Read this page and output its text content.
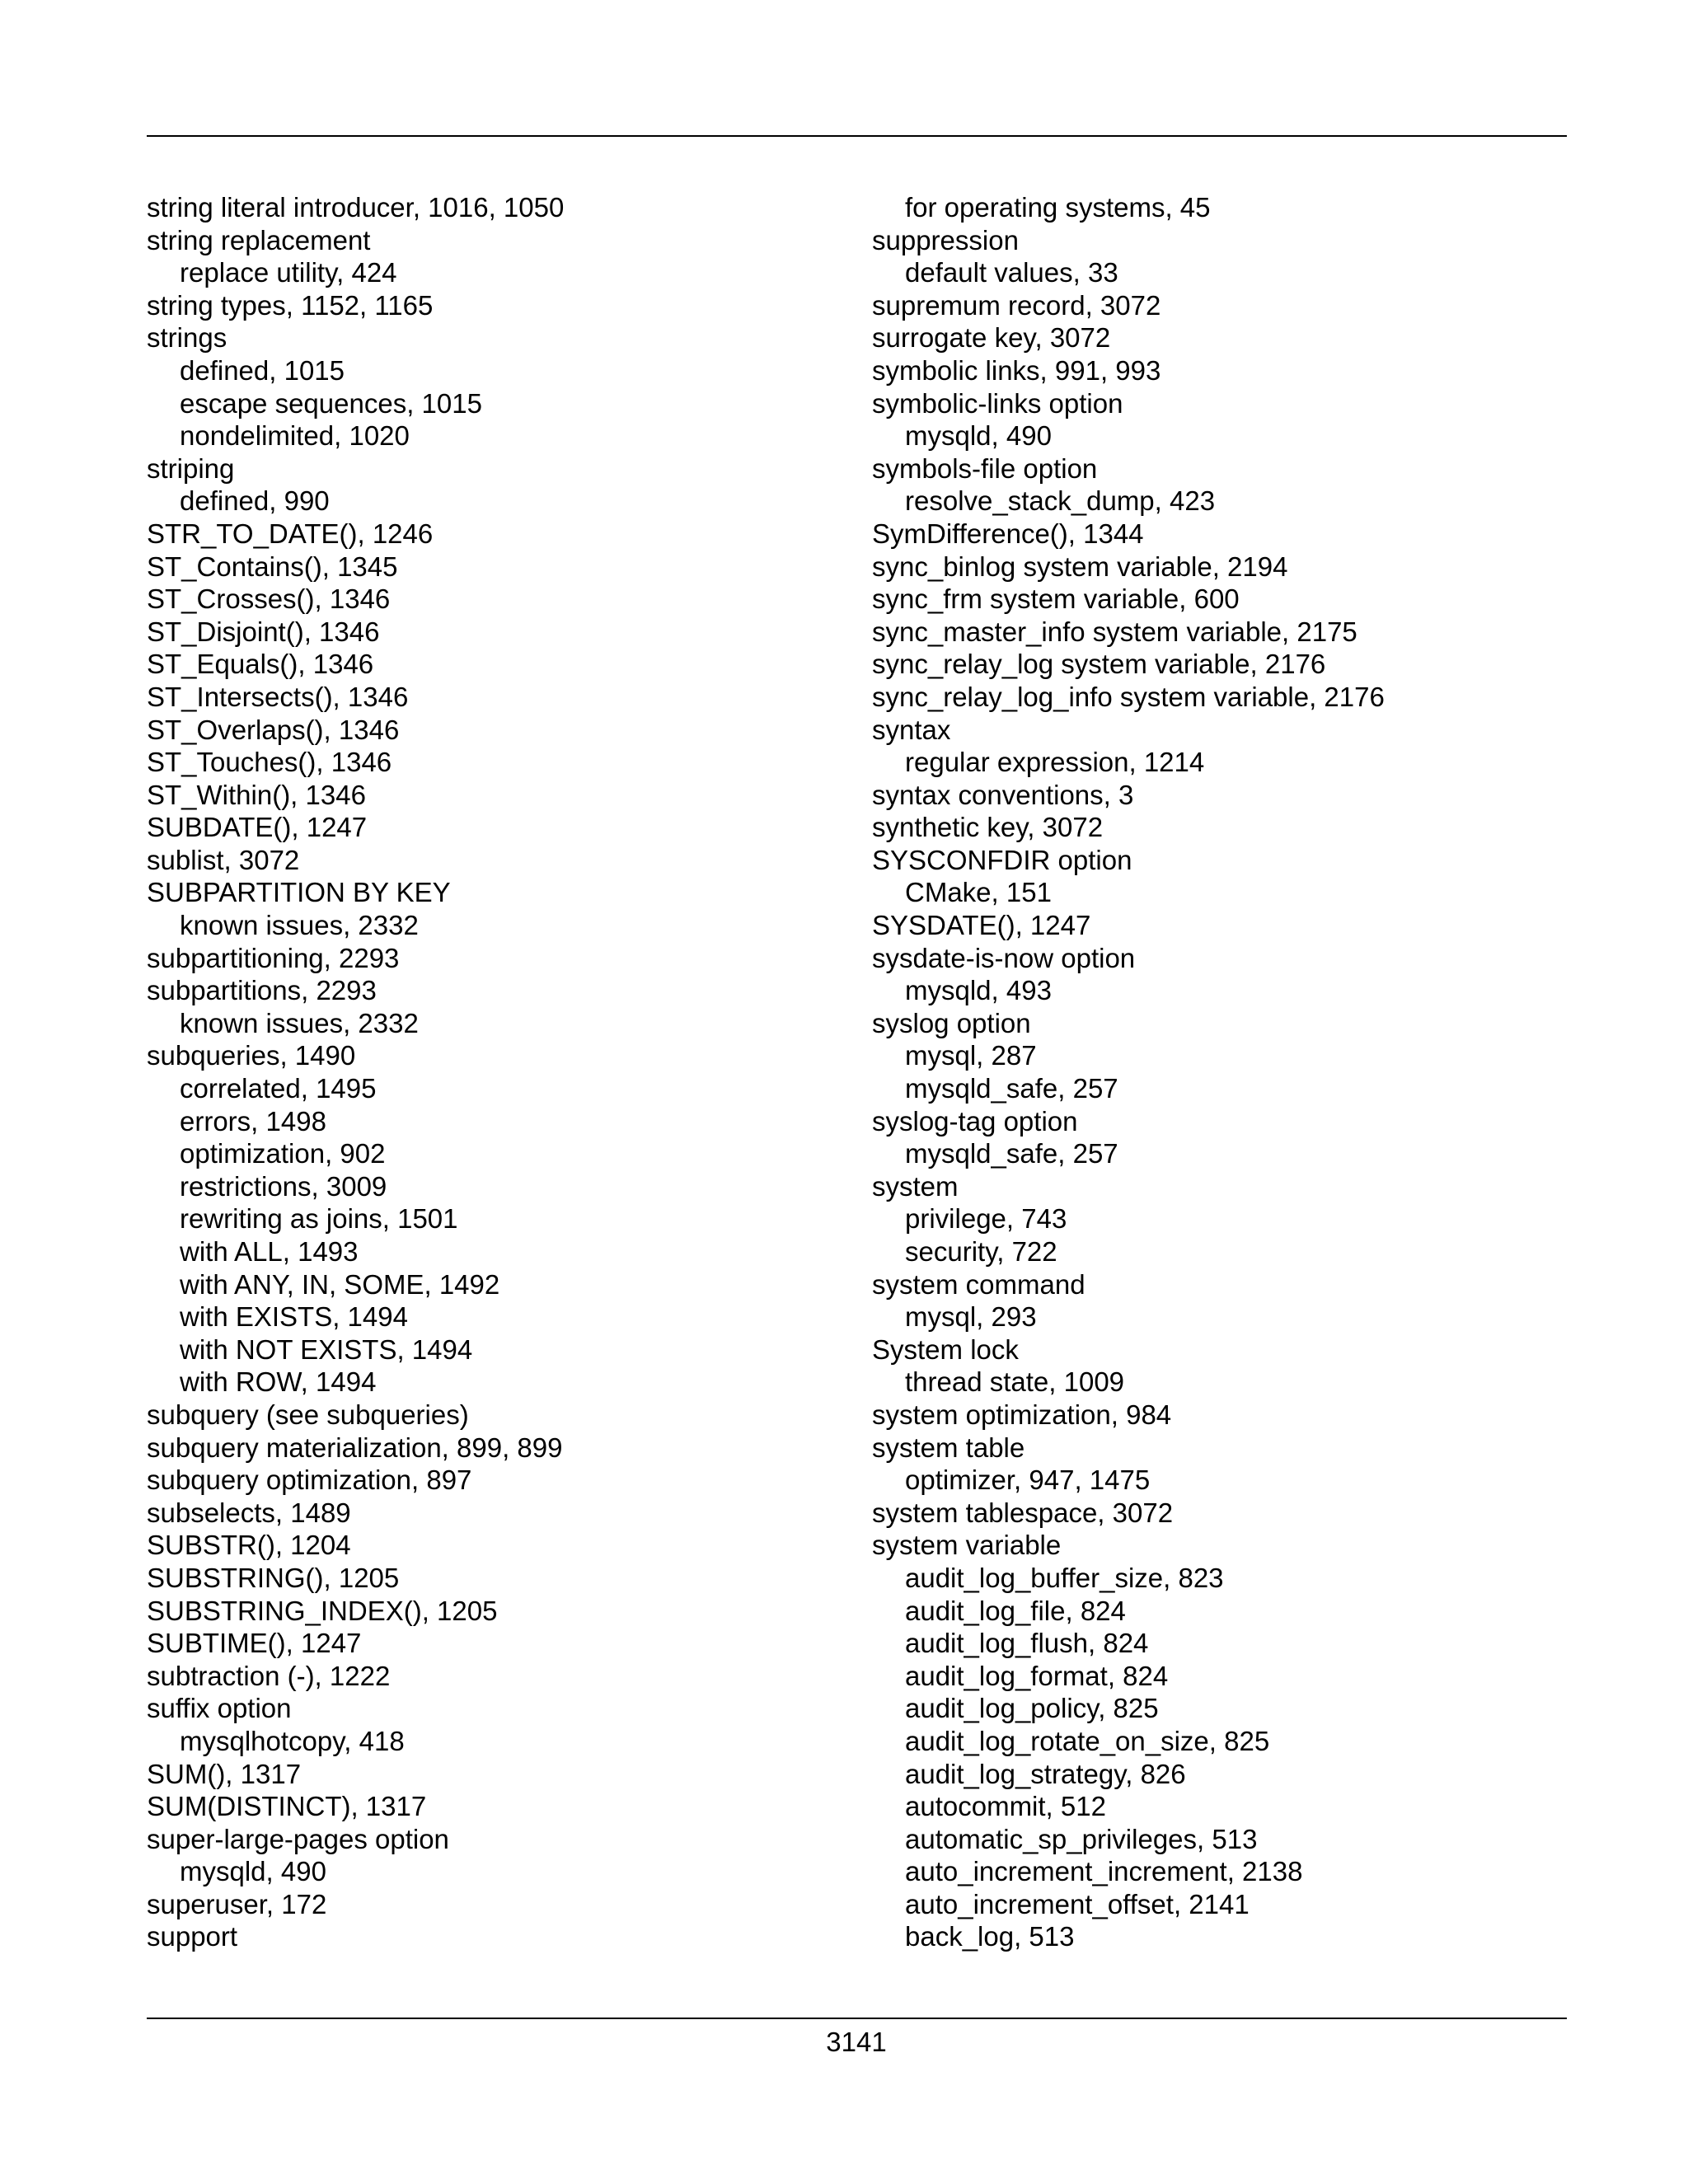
string literal introducer, 1016, 1050
string replacement
replace utility, 424
string types, 1152, 1165
strings
defined, 1015
escape sequences, 1015
nondelimited, 1020
striping
defined, 990
STR_TO_DATE(), 1246
ST_Contains(), 1345
ST_Crosses(), 1346
ST_Disjoint(), 1346
ST_Equals(), 1346
ST_Intersects(), 1346
ST_Overlaps(), 1346
ST_Touches(), 1346
ST_Within(), 1346
SUBDATE(), 1247
sublist, 3072
SUBPARTITION BY KEY
known issues, 2332
subpartitioning, 2293
subpartitions, 2293
known issues, 2332
subqueries, 1490
correlated, 1495
errors, 1498
optimization, 902
restrictions, 3009
rewriting as joins, 1501
with ALL, 1493
with ANY, IN, SOME, 1492
with EXISTS, 1494
with NOT EXISTS, 1494
with ROW, 1494
subquery (see subqueries)
subquery materialization, 899, 899
subquery optimization, 897
subselects, 1489
SUBSTR(), 1204
SUBSTRING(), 1205
SUBSTRING_INDEX(), 1205
SUBTIME(), 1247
subtraction (-), 1222
suffix option
mysqlhotcopy, 418
SUM(), 1317
SUM(DISTINCT), 1317
super-large-pages option
mysqld, 490
superuser, 172
support
for operating systems, 45
suppression
default values, 33
supremum record, 3072
surrogate key, 3072
symbolic links, 991, 993
symbolic-links option
mysqld, 490
symbols-file option
resolve_stack_dump, 423
SymDifference(), 1344
sync_binlog system variable, 2194
sync_frm system variable, 600
sync_master_info system variable, 2175
sync_relay_log system variable, 2176
sync_relay_log_info system variable, 2176
syntax
regular expression, 1214
syntax conventions, 3
synthetic key, 3072
SYSCONFDIR option
CMake, 151
SYSDATE(), 1247
sysdate-is-now option
mysqld, 493
syslog option
mysql, 287
mysqld_safe, 257
syslog-tag option
mysqld_safe, 257
system
privilege, 743
security, 722
system command
mysql, 293
System lock
thread state, 1009
system optimization, 984
system table
optimizer, 947, 1475
system tablespace, 3072
system variable
audit_log_buffer_size, 823
audit_log_file, 824
audit_log_flush, 824
audit_log_format, 824
audit_log_policy, 825
audit_log_rotate_on_size, 825
audit_log_strategy, 826
autocommit, 512
automatic_sp_privileges, 513
auto_increment_increment, 2138
auto_increment_offset, 2141
back_log, 513
3141
